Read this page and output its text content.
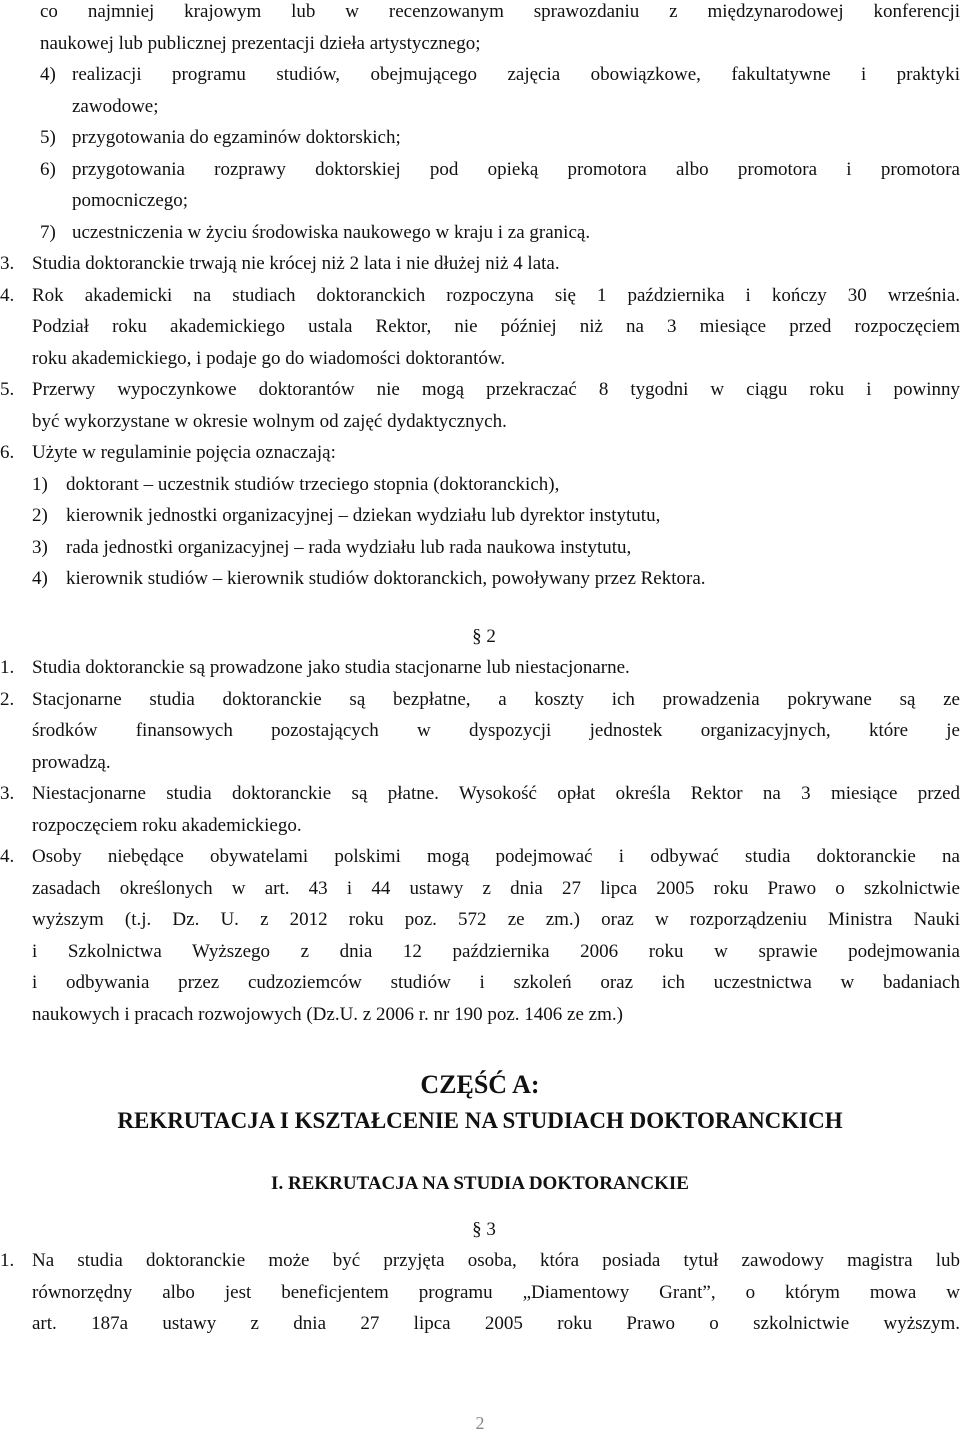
co najmniej krajowym lub w recenzowanym sprawozdaniu z międzynarodowej konferencji
naukowej lub publicznej prezentacji dzieła artystycznego;
4) realizacji programu studiów, obejmującego zajęcia obowiązkowe, fakultatywne i praktyki
zawodowe;
5) przygotowania do egzaminów doktorskich;
6) przygotowania rozprawy doktorskiej pod opieką promotora albo promotora i promotora
pomocniczego;
7) uczestniczenia w życiu środowiska naukowego w kraju i za granicą.
3. Studia doktoranckie trwają nie krócej niż 2 lata i nie dłużej niż 4 lata.
4. Rok akademicki na studiach doktoranckich rozpoczyna się 1 października i kończy 30 września.
Podział roku akademickiego ustala Rektor, nie później niż na 3 miesiące przed rozpoczęciem
roku akademickiego, i podaje go do wiadomości doktorantów.
5. Przerwy wypoczynkowe doktorantów nie mogą przekraczać 8 tygodni w ciągu roku i powinny
być wykorzystane w okresie wolnym od zajęć dydaktycznych.
6. Użyte w regulaminie pojęcia oznaczają:
1) doktorant – uczestnik studiów trzeciego stopnia (doktoranckich),
2) kierownik jednostki organizacyjnej – dziekan wydziału lub dyrektor instytutu,
3) rada jednostki organizacyjnej – rada wydziału lub rada naukowa instytutu,
4) kierownik studiów – kierownik studiów doktoranckich, powoływany przez Rektora.
§ 2
1. Studia doktoranckie są prowadzone jako studia stacjonarne lub niestacjonarne.
2. Stacjonarne studia doktoranckie są bezpłatne, a koszty ich prowadzenia pokrywane są ze
środków finansowych pozostających w dyspozycji jednostek organizacyjnych, które je
prowadzą.
3. Niestacjonarne studia doktoranckie są płatne. Wysokość opłat określa Rektor na 3 miesiące przed
rozpoczęciem roku akademickiego.
4. Osoby niebędące obywatelami polskimi mogą podejmować i odbywać studia doktoranckie na
zasadach określonych w art. 43 i 44 ustawy z dnia 27 lipca 2005 roku Prawo o szkolnictwie
wyższym (t.j. Dz. U. z 2012 roku poz. 572 ze zm.) oraz w rozporządzeniu Ministra Nauki
i Szkolnictwa Wyższego z dnia 12 października 2006 roku w sprawie podejmowania
i odbywania przez cudzoziemców studiów i szkoleń oraz ich uczestnictwa w badaniach
naukowych i pracach rozwojowych (Dz.U. z 2006 r. nr 190 poz. 1406 ze zm.)
CZĘŚĆ A:
REKRUTACJA I KSZTAŁCENIE NA STUDIACH DOKTORANCKICH
I. REKRUTACJA NA STUDIA DOKTORANCKIE
§ 3
1. Na studia doktoranckie może być przyjęta osoba, która posiada tytuł zawodowy magistra lub
równorzędny albo jest beneficjentem programu „Diamentowy Grant”, o którym mowa w
art. 187a ustawy z dnia 27 lipca 2005 roku Prawo o szkolnictwie wyższym.
2
